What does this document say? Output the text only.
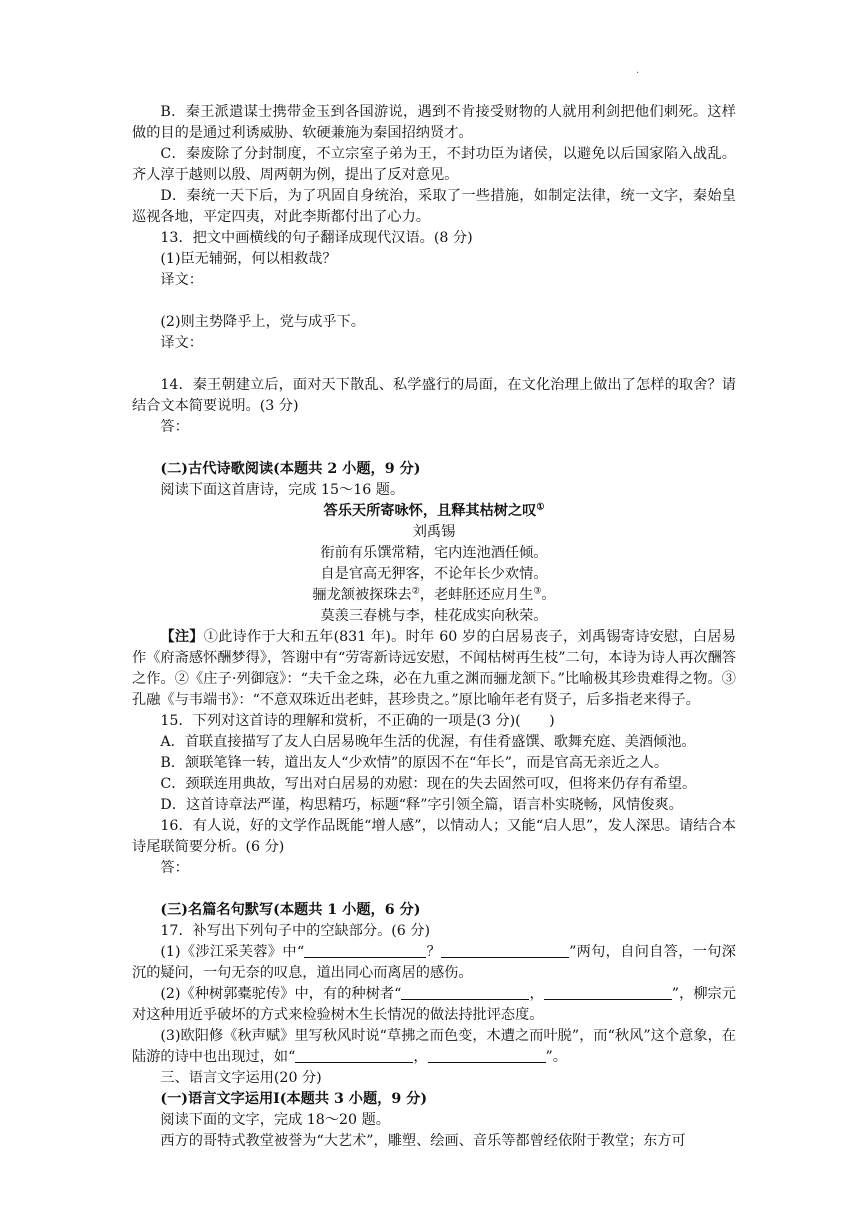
.

B．秦王派遣谋士携带金玉到各国游说，遇到不肯接受财物的人就用利剑把他们刺死。这样做的目的是通过利诱威胁、软硬兼施为秦国招纳贤才。

C．秦废除了分封制度，不立宗室子弟为王，不封功臣为诸侯，以避免以后国家陷入战乱。齐人淳于越则以殷、周两朝为例，提出了反对意见。

D．秦统一天下后，为了巩固自身统治，采取了一些措施，如制定法律，统一文字，秦始皇巡视各地，平定四夷，对此李斯都付出了心力。

13．把文中画横线的句子翻译成现代汉语。(8 分)

(1)臣无辅弼，何以相救哉？

译文：

(2)则主势降乎上，党与成乎下。

译文：

14．秦王朝建立后，面对天下散乱、私学盛行的局面，在文化治理上做出了怎样的取舍？请结合文本简要说明。(3 分)

答：

(二)古代诗歌阅读(本题共 2 小题，9 分)

阅读下面这首唐诗，完成 15～16 题。

答乐天所寄咏怀，且释其枯树之叹①

刘禹锡

衔前有乐馔常精，宅内连池酒任倾。

自是官高无狎客，不论年长少欢情。

骊龙颔被探珠去②，老蚌胚还应月生③。

莫羡三春桃与李，桂花成实向秋荣。

【注】①此诗作于大和五年(831 年)。时年 60 岁的白居易丧子，刘禹锡寄诗安慰，白居易作《府斋感怀酬梦得》，答谢中有“劳寄新诗远安慰，不闻枯树再生枝”二句，本诗为诗人再次酬答之作。②《庄子·列御寇》：“夫千金之珠，必在九重之渊而骊龙颔下。”比喻极其珍贵难得之物。③孔融《与韦端书》：“不意双珠近出老蚌，甚珍贵之。”原比喻年老有贤子，后多指老来得子。

15．下列对这首诗的理解和赏析，不正确的一项是(3 分)(　　)

A．首联直接描写了友人白居易晚年生活的优渥，有佳肴盛馔、歌舞充庭、美酒倾池。

B．颔联笔锋一转，道出友人“少欢情”的原因不在“年长”，而是官高无亲近之人。

C．颈联连用典故，写出对白居易的劝慰：现在的失去固然可叹，但将来仍存有希望。

D．这首诗章法严谨，构思精巧，标题“释”字引领全篇，语言朴实晓畅，风情俊爽。

16．有人说，好的文学作品既能“增人感”，以情动人；又能“启人思”，发人深思。请结合本诗尾联简要分析。(6 分)

答：

(三)名篇名句默写(本题共 1 小题，6 分)

17．补写出下列句子中的空缺部分。(6 分)

(1)《涉江采芙蓉》中“	？	”两句，自问自答，一句深沉的疑问，一句无奈的叹息，道出同心而离居的感伤。

(2)《种树郭橐驼传》中，有的种树者“	，	”，柳宗元对这种用近乎破坏的方式来检验树木生长情况的做法持批评态度。

(3)欧阳修《秋声赋》里写秋风时说“草拂之而色变，木遭之而叶脱”，而“秋风”这个意象，在陆游的诗中也出现过，如“	，	”。

三、语言文字运用(20 分)

(一)语言文字运用Ⅰ(本题共 3 小题，9 分)

阅读下面的文字，完成 18～20 题。

西方的哥特式教堂被誉为“大艺术”，雕塑、绘画、音乐等都曾经依附于教堂；东方可
